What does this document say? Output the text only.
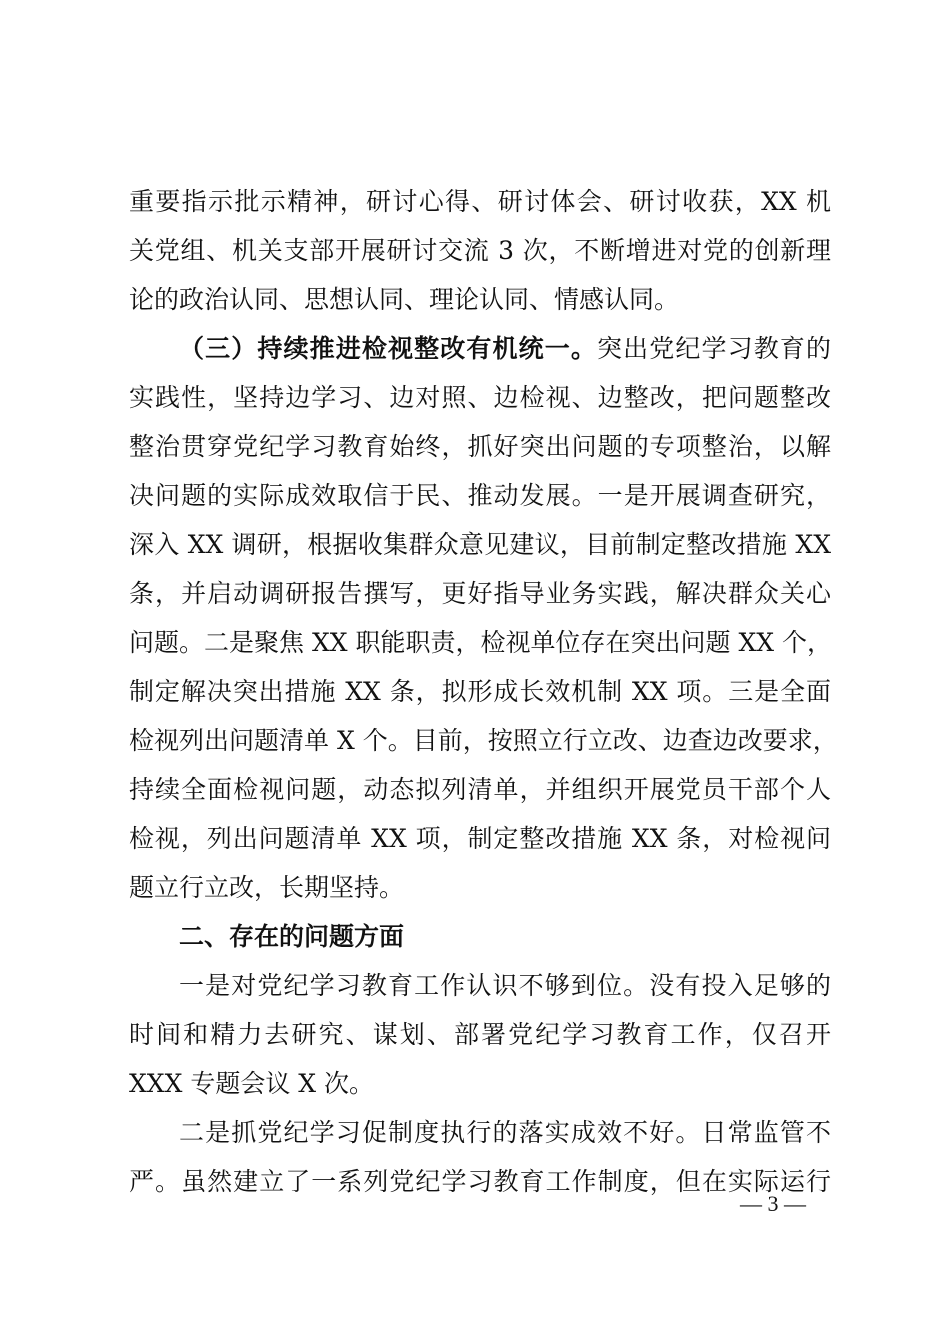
重要指示批示精神，研讨心得、研讨体会、研讨收获，XX 机
关党组、机关支部开展研讨交流 3 次，不断增进对党的创新理
论的政治认同、思想认同、理论认同、情感认同。
（三）持续推进检视整改有机统一。突出党纪学习教育的
实践性，坚持边学习、边对照、边检视、边整改，把问题整改
整治贯穿党纪学习教育始终，抓好突出问题的专项整治，以解
决问题的实际成效取信于民、推动发展。一是开展调查研究，
深入 XX 调研，根据收集群众意见建议，目前制定整改措施 XX
条，并启动调研报告撰写，更好指导业务实践，解决群众关心
问题。二是聚焦 XX 职能职责，检视单位存在突出问题 XX 个，
制定解决突出措施 XX 条，拟形成长效机制 XX 项。三是全面
检视列出问题清单 X 个。目前，按照立行立改、边查边改要求，
持续全面检视问题，动态拟列清单，并组织开展党员干部个人
检视，列出问题清单 XX 项，制定整改措施 XX 条，对检视问
题立行立改，长期坚持。
二、存在的问题方面
一是对党纪学习教育工作认识不够到位。没有投入足够的
时间和精力去研究、谋划、部署党纪学习教育工作，仅召开
XXX 专题会议 X 次。
二是抓党纪学习促制度执行的落实成效不好。日常监管不
严。虽然建立了一系列党纪学习教育工作制度，但在实际运行
— 3 —
